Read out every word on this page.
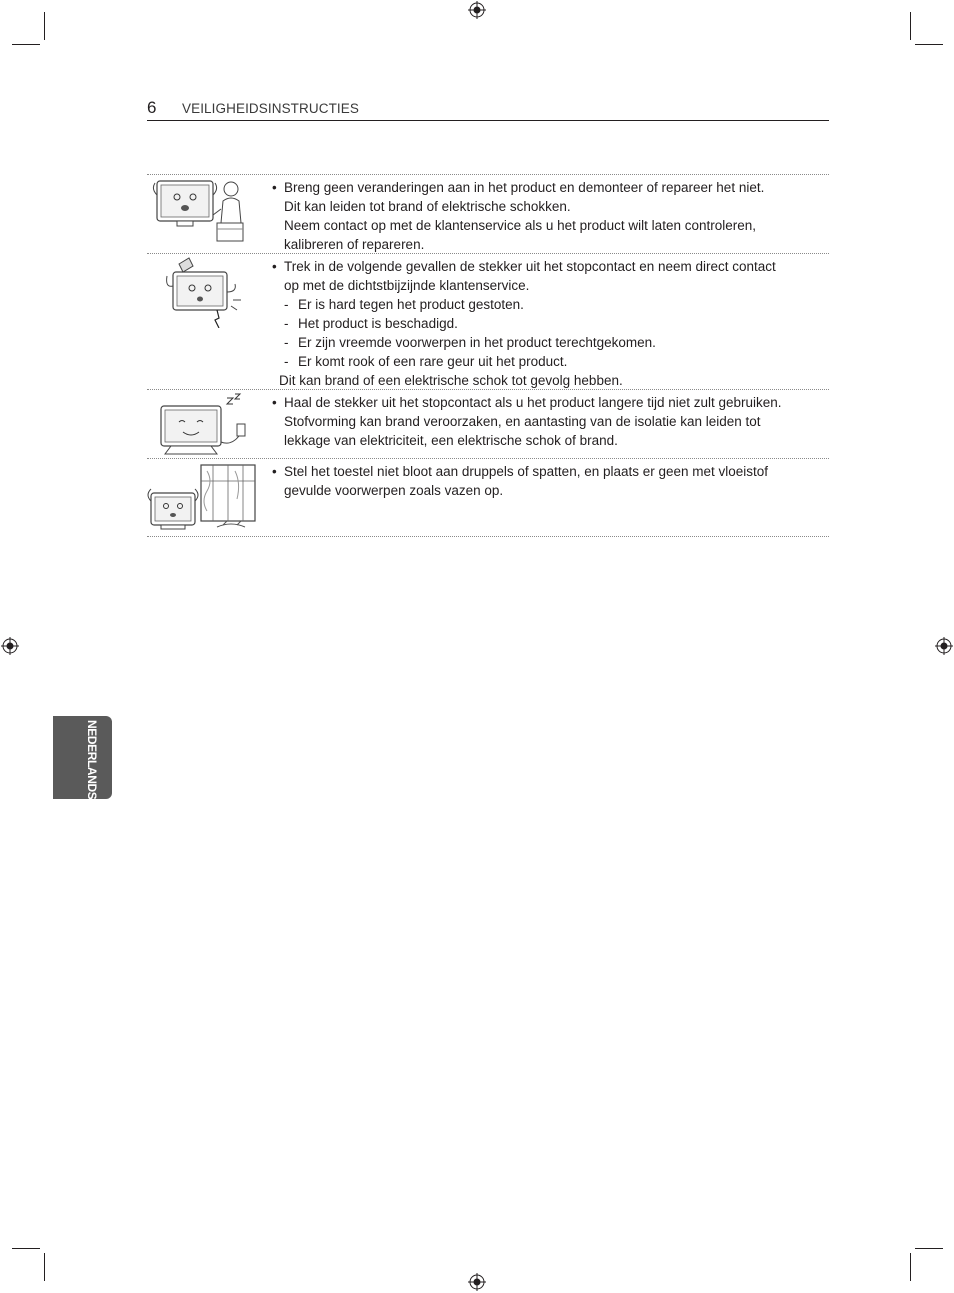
6 VEILIGHEIDSINSTRUCTIES
• Breng geen veranderingen aan in het product en demonteer of repareer het niet.
Dit kan leiden tot brand of elektrische schokken.
Neem contact op met de klantenservice als u het product wilt laten controleren,
kalibreren of repareren.
• Trek in de volgende gevallen de stekker uit het stopcontact en neem direct contact
op met de dichtstbijzijnde klantenservice.
- Er is hard tegen het product gestoten.
- Het product is beschadigd.
- Er zijn vreemde voorwerpen in het product terechtgekomen.
- Er komt rook of een rare geur uit het product.
Dit kan brand of een elektrische schok tot gevolg hebben.
• Haal de stekker uit het stopcontact als u het product langere tijd niet zult gebruiken.
Stofvorming kan brand veroorzaken, en aantasting van de isolatie kan leiden tot
lekkage van elektriciteit, een elektrische schok of brand.
• Stel het toestel niet bloot aan druppels of spatten, en plaats er geen met vloeistof
gevulde voorwerpen zoals vazen op.
NEDERLANDS
